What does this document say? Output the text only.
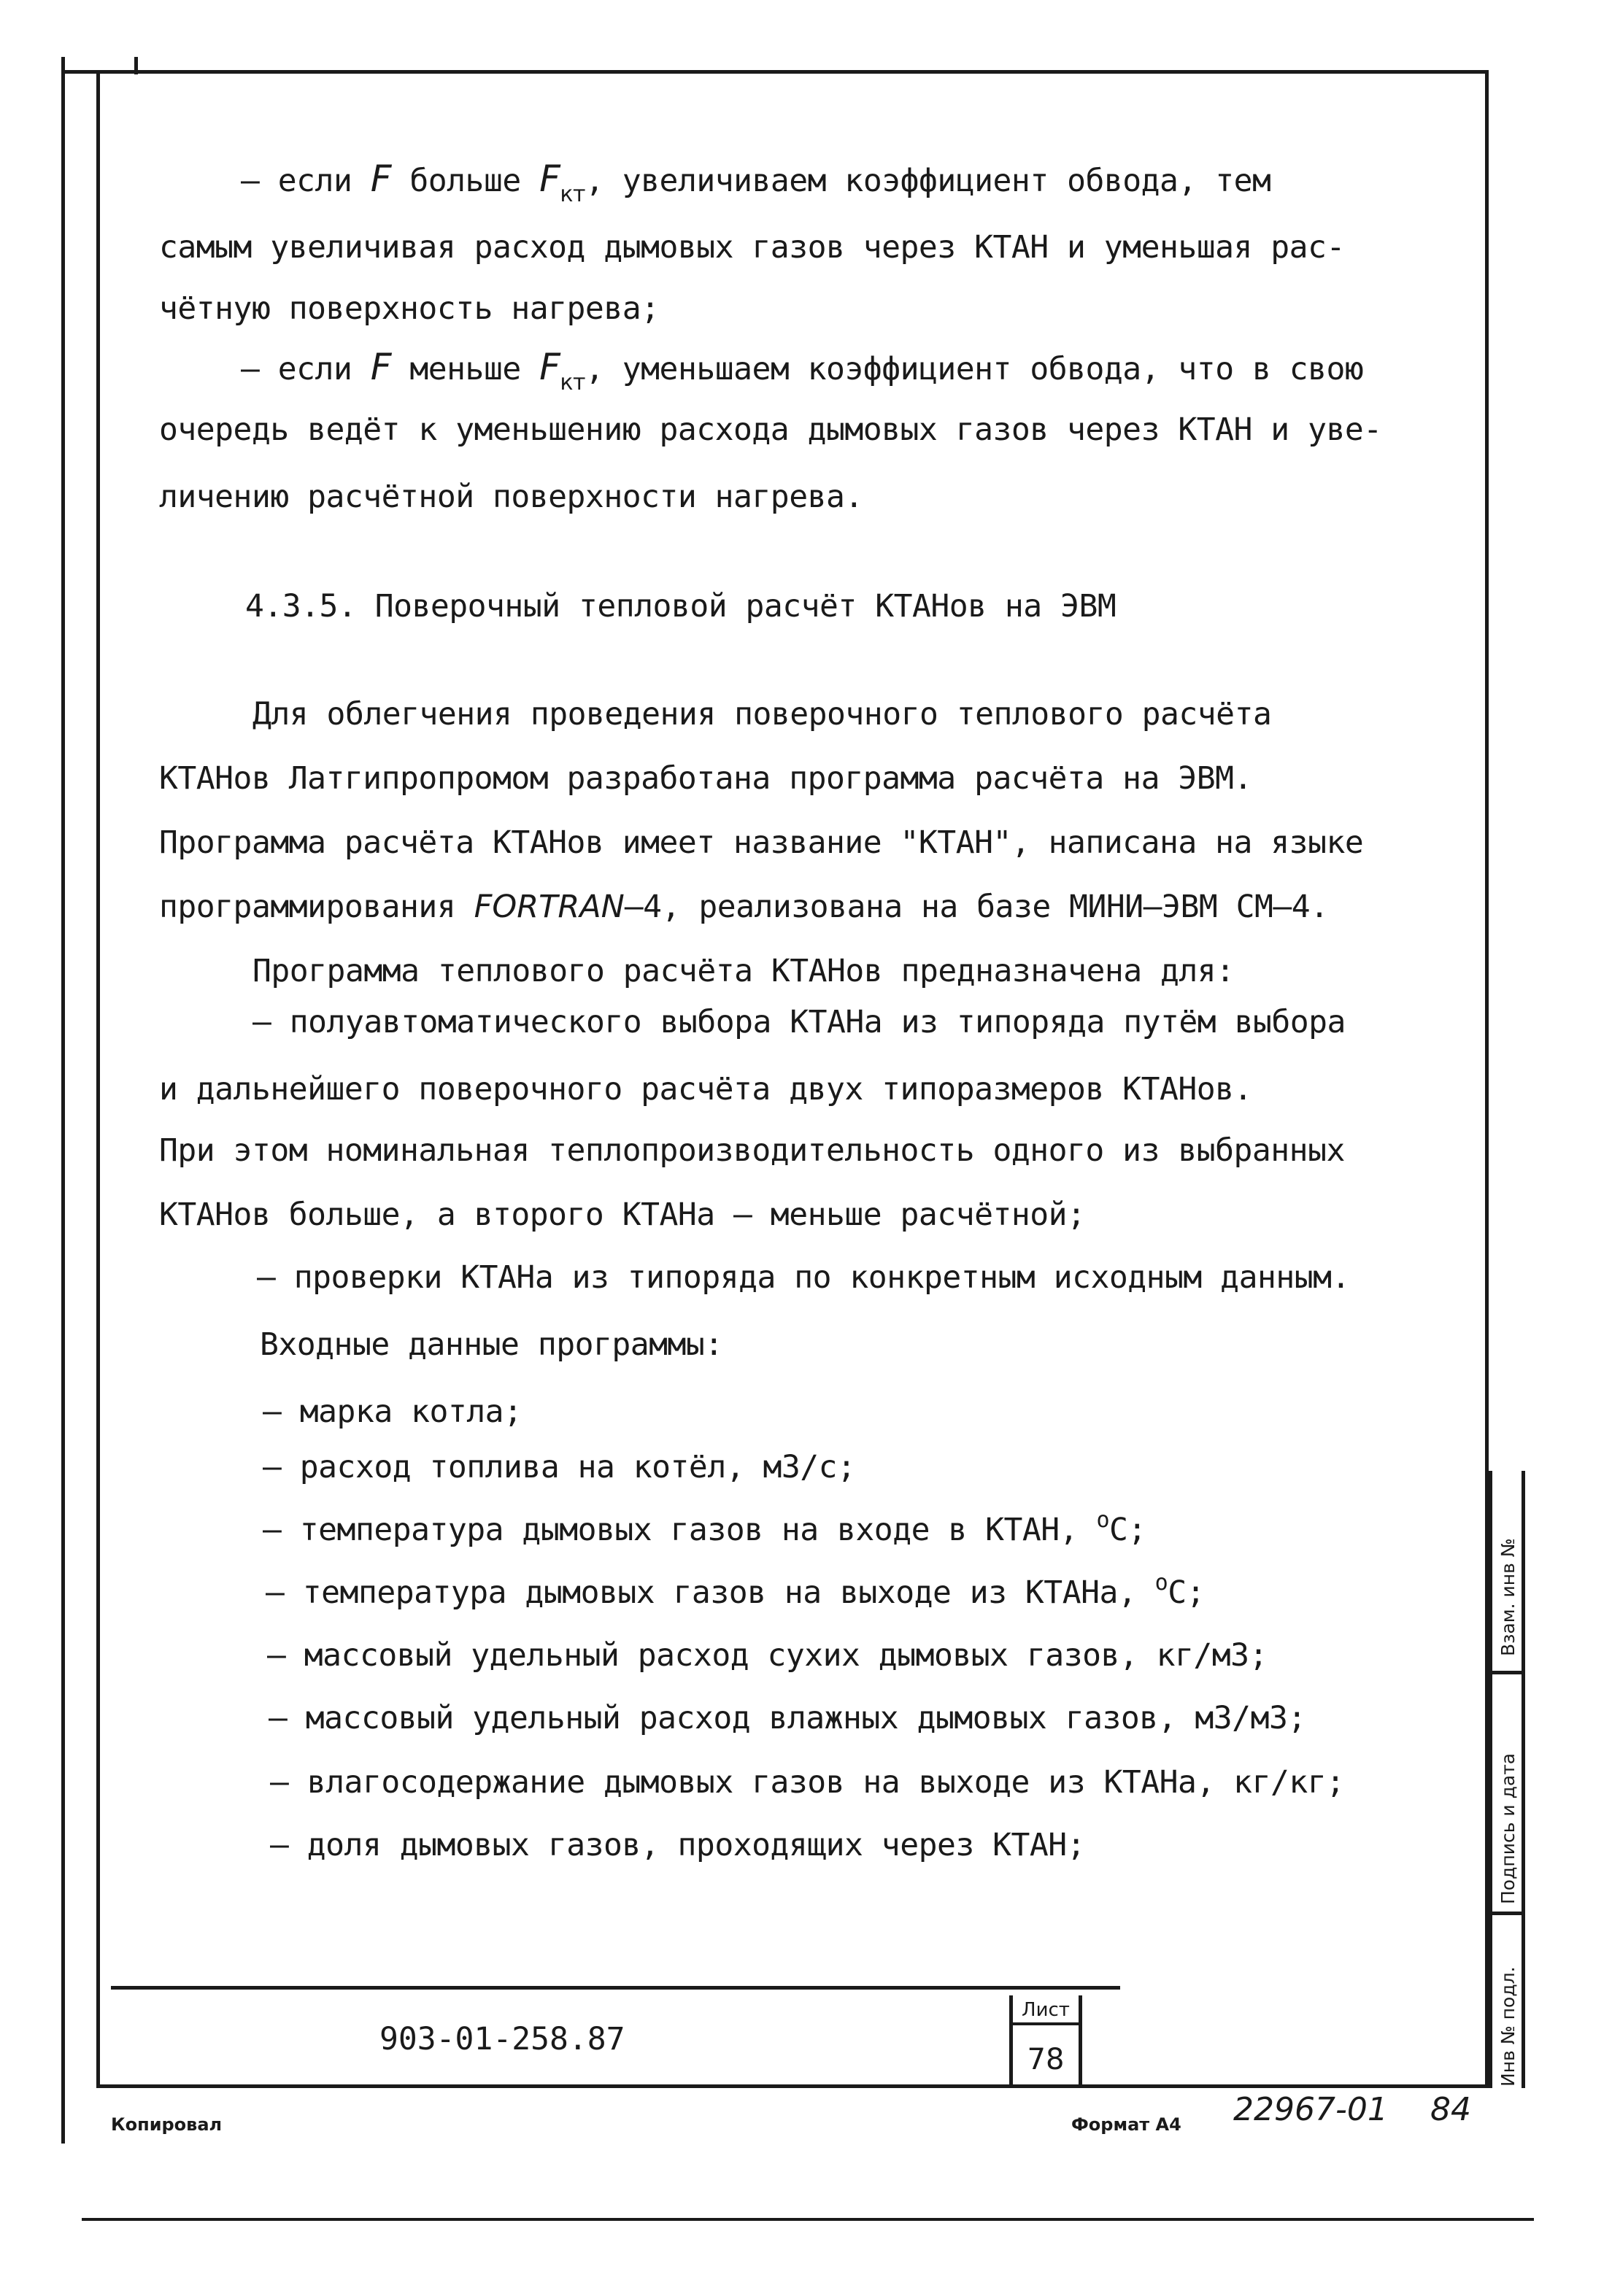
– если F больше $F_{кт}$, увеличиваем коэффициент обвода, тем
самым увеличивая расход дымовых газов через КТАН и уменьшая рас-
чётную поверхность нагрева;
– если F меньше $F_{кт}$, уменьшаем коэффициент обвода, что в свою
очередь ведёт к уменьшению расхода дымовых газов через КТАН и уве-
личению расчётной поверхности нагрева.
4.3.5. Поверочный тепловой расчёт КТАНов на ЭВМ
Для облегчения проведения поверочного теплового расчёта
КТАНов Латгипропромом разработана программа расчёта на ЭВМ.
Программа расчёта КТАНов имеет название "КТАН", написана на языке
программирования FORTRAN–4, реализована на базе МИНИ–ЭВМ СМ–4.
Программа теплового расчёта КТАНов предназначена для:
– полуавтоматического выбора КТАНа из типоряда путём выбора
и дальнейшего поверочного расчёта двух типоразмеров КТАНов.
При этом номинальная теплопроизводительность одного из выбранных
КТАНов больше, а второго КТАНа – меньше расчётной;
– проверки КТАНа из типоряда по конкретным исходным данным.
Входные данные программы:
– марка котла;
– расход топлива на котёл, м3/с;
– температура дымовых газов на входе в КТАН, $^о$С;
– температура дымовых газов на выходе из КТАНа, $^о$С;
– массовый удельный расход сухих дымовых газов, кг/м3;
– массовый удельный расход влажных дымовых газов, м3/м3;
– влагосодержание дымовых газов на выходе из КТАНа, кг/кг;
– доля дымовых газов, проходящих через КТАН;
903-01-258.87
Лист
78	Инв № подл.
Подпись и дата
Взам. инв №
Копировал	Формат А4 22967-01 84
